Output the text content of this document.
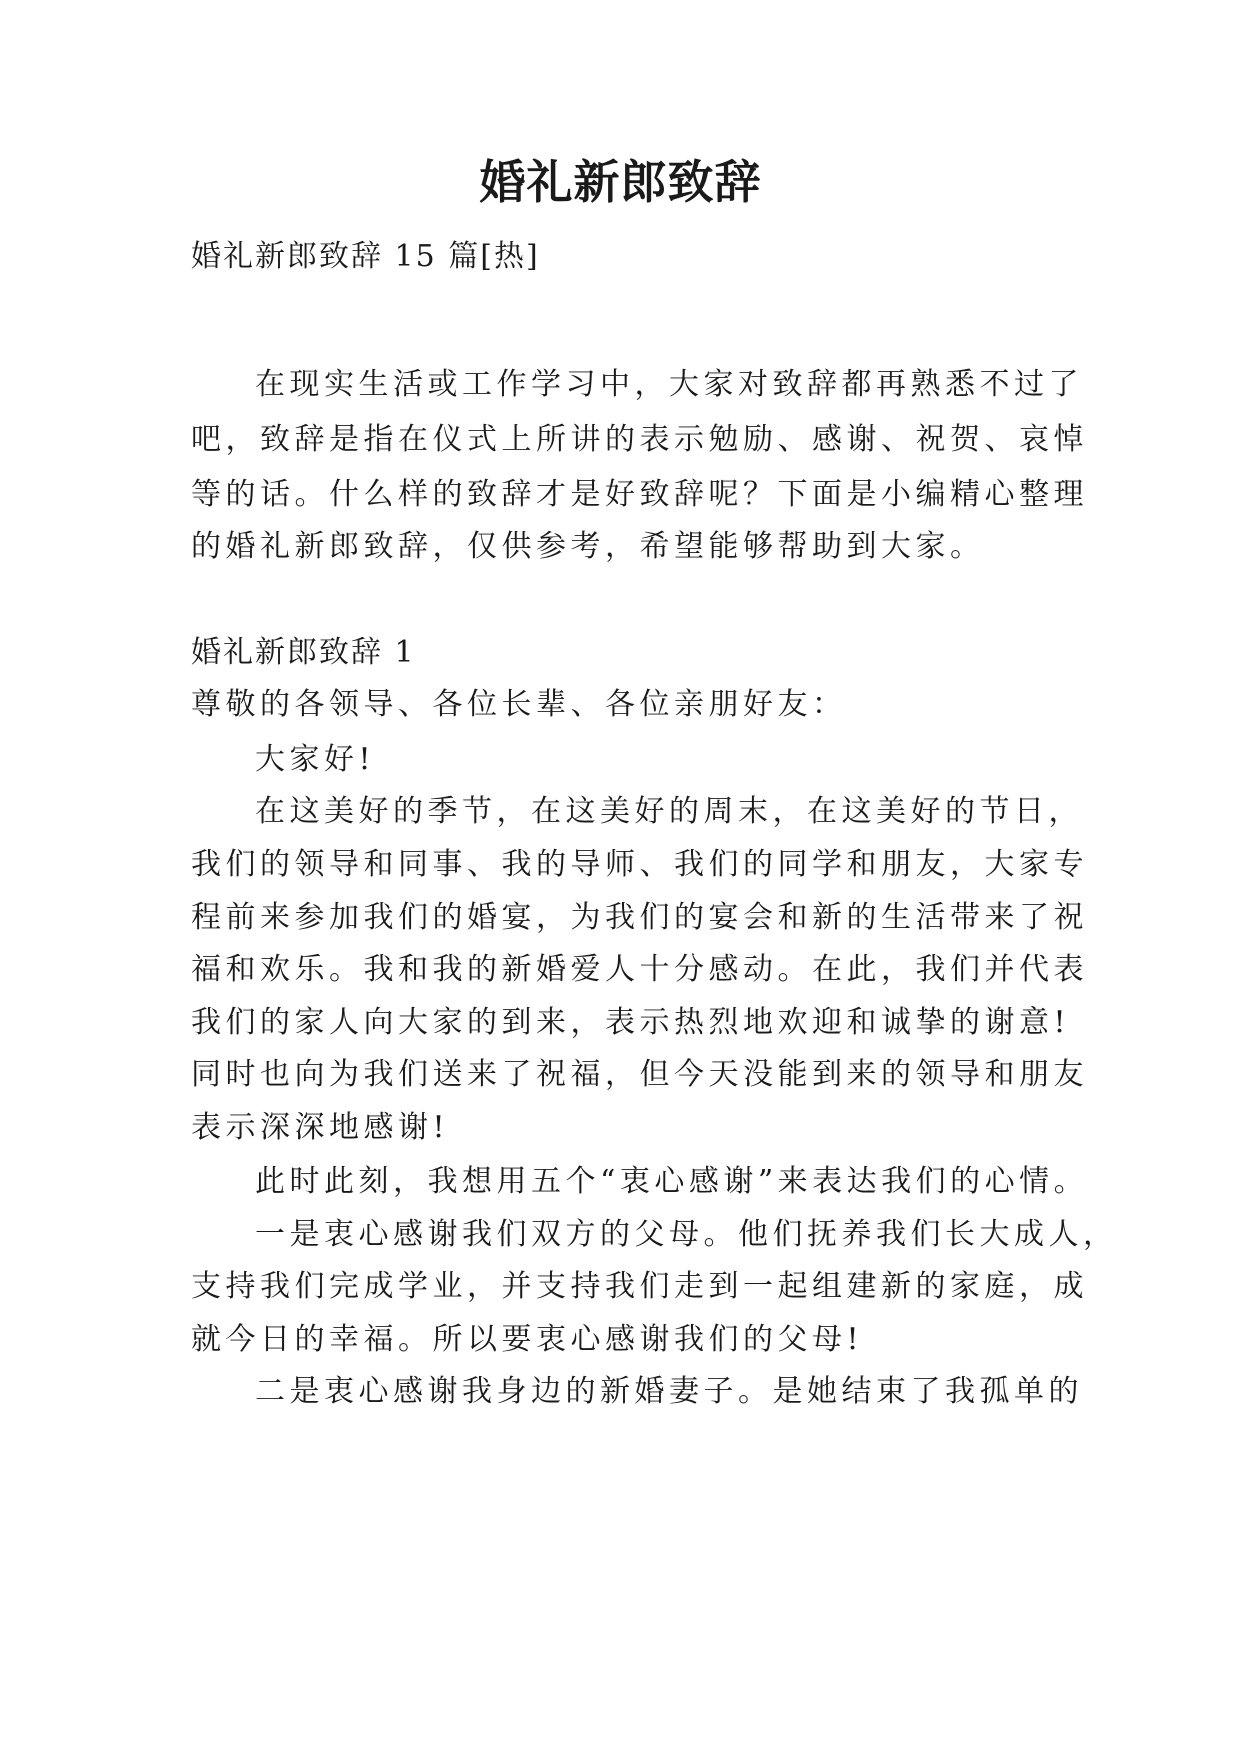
婚礼新郎致辞

婚礼新郎致辞 15 篇[热]

在现实生活或工作学习中，大家对致辞都再熟悉不过了

吧，致辞是指在仪式上所讲的表示勉励、感谢、祝贺、哀悼

等的话。什么样的致辞才是好致辞呢？下面是小编精心整理

的婚礼新郎致辞，仅供参考，希望能够帮助到大家。

婚礼新郎致辞 1

尊敬的各领导、各位长辈、各位亲朋好友：

大家好!

在这美好的季节，在这美好的周末，在这美好的节日，

我们的领导和同事、我的导师、我们的同学和朋友，大家专

程前来参加我们的婚宴，为我们的宴会和新的生活带来了祝

福和欢乐。我和我的新婚爱人十分感动。在此，我们并代表

我们的家人向大家的到来，表示热烈地欢迎和诚挚的谢意!

同时也向为我们送来了祝福，但今天没能到来的领导和朋友

表示深深地感谢!

此时此刻，我想用五个“衷心感谢”来表达我们的心情。

一是衷心感谢我们双方的父母。他们抚养我们长大成人，

支持我们完成学业，并支持我们走到一起组建新的家庭，成

就今日的幸福。所以要衷心感谢我们的父母!

二是衷心感谢我身边的新婚妻子。是她结束了我孤单的
